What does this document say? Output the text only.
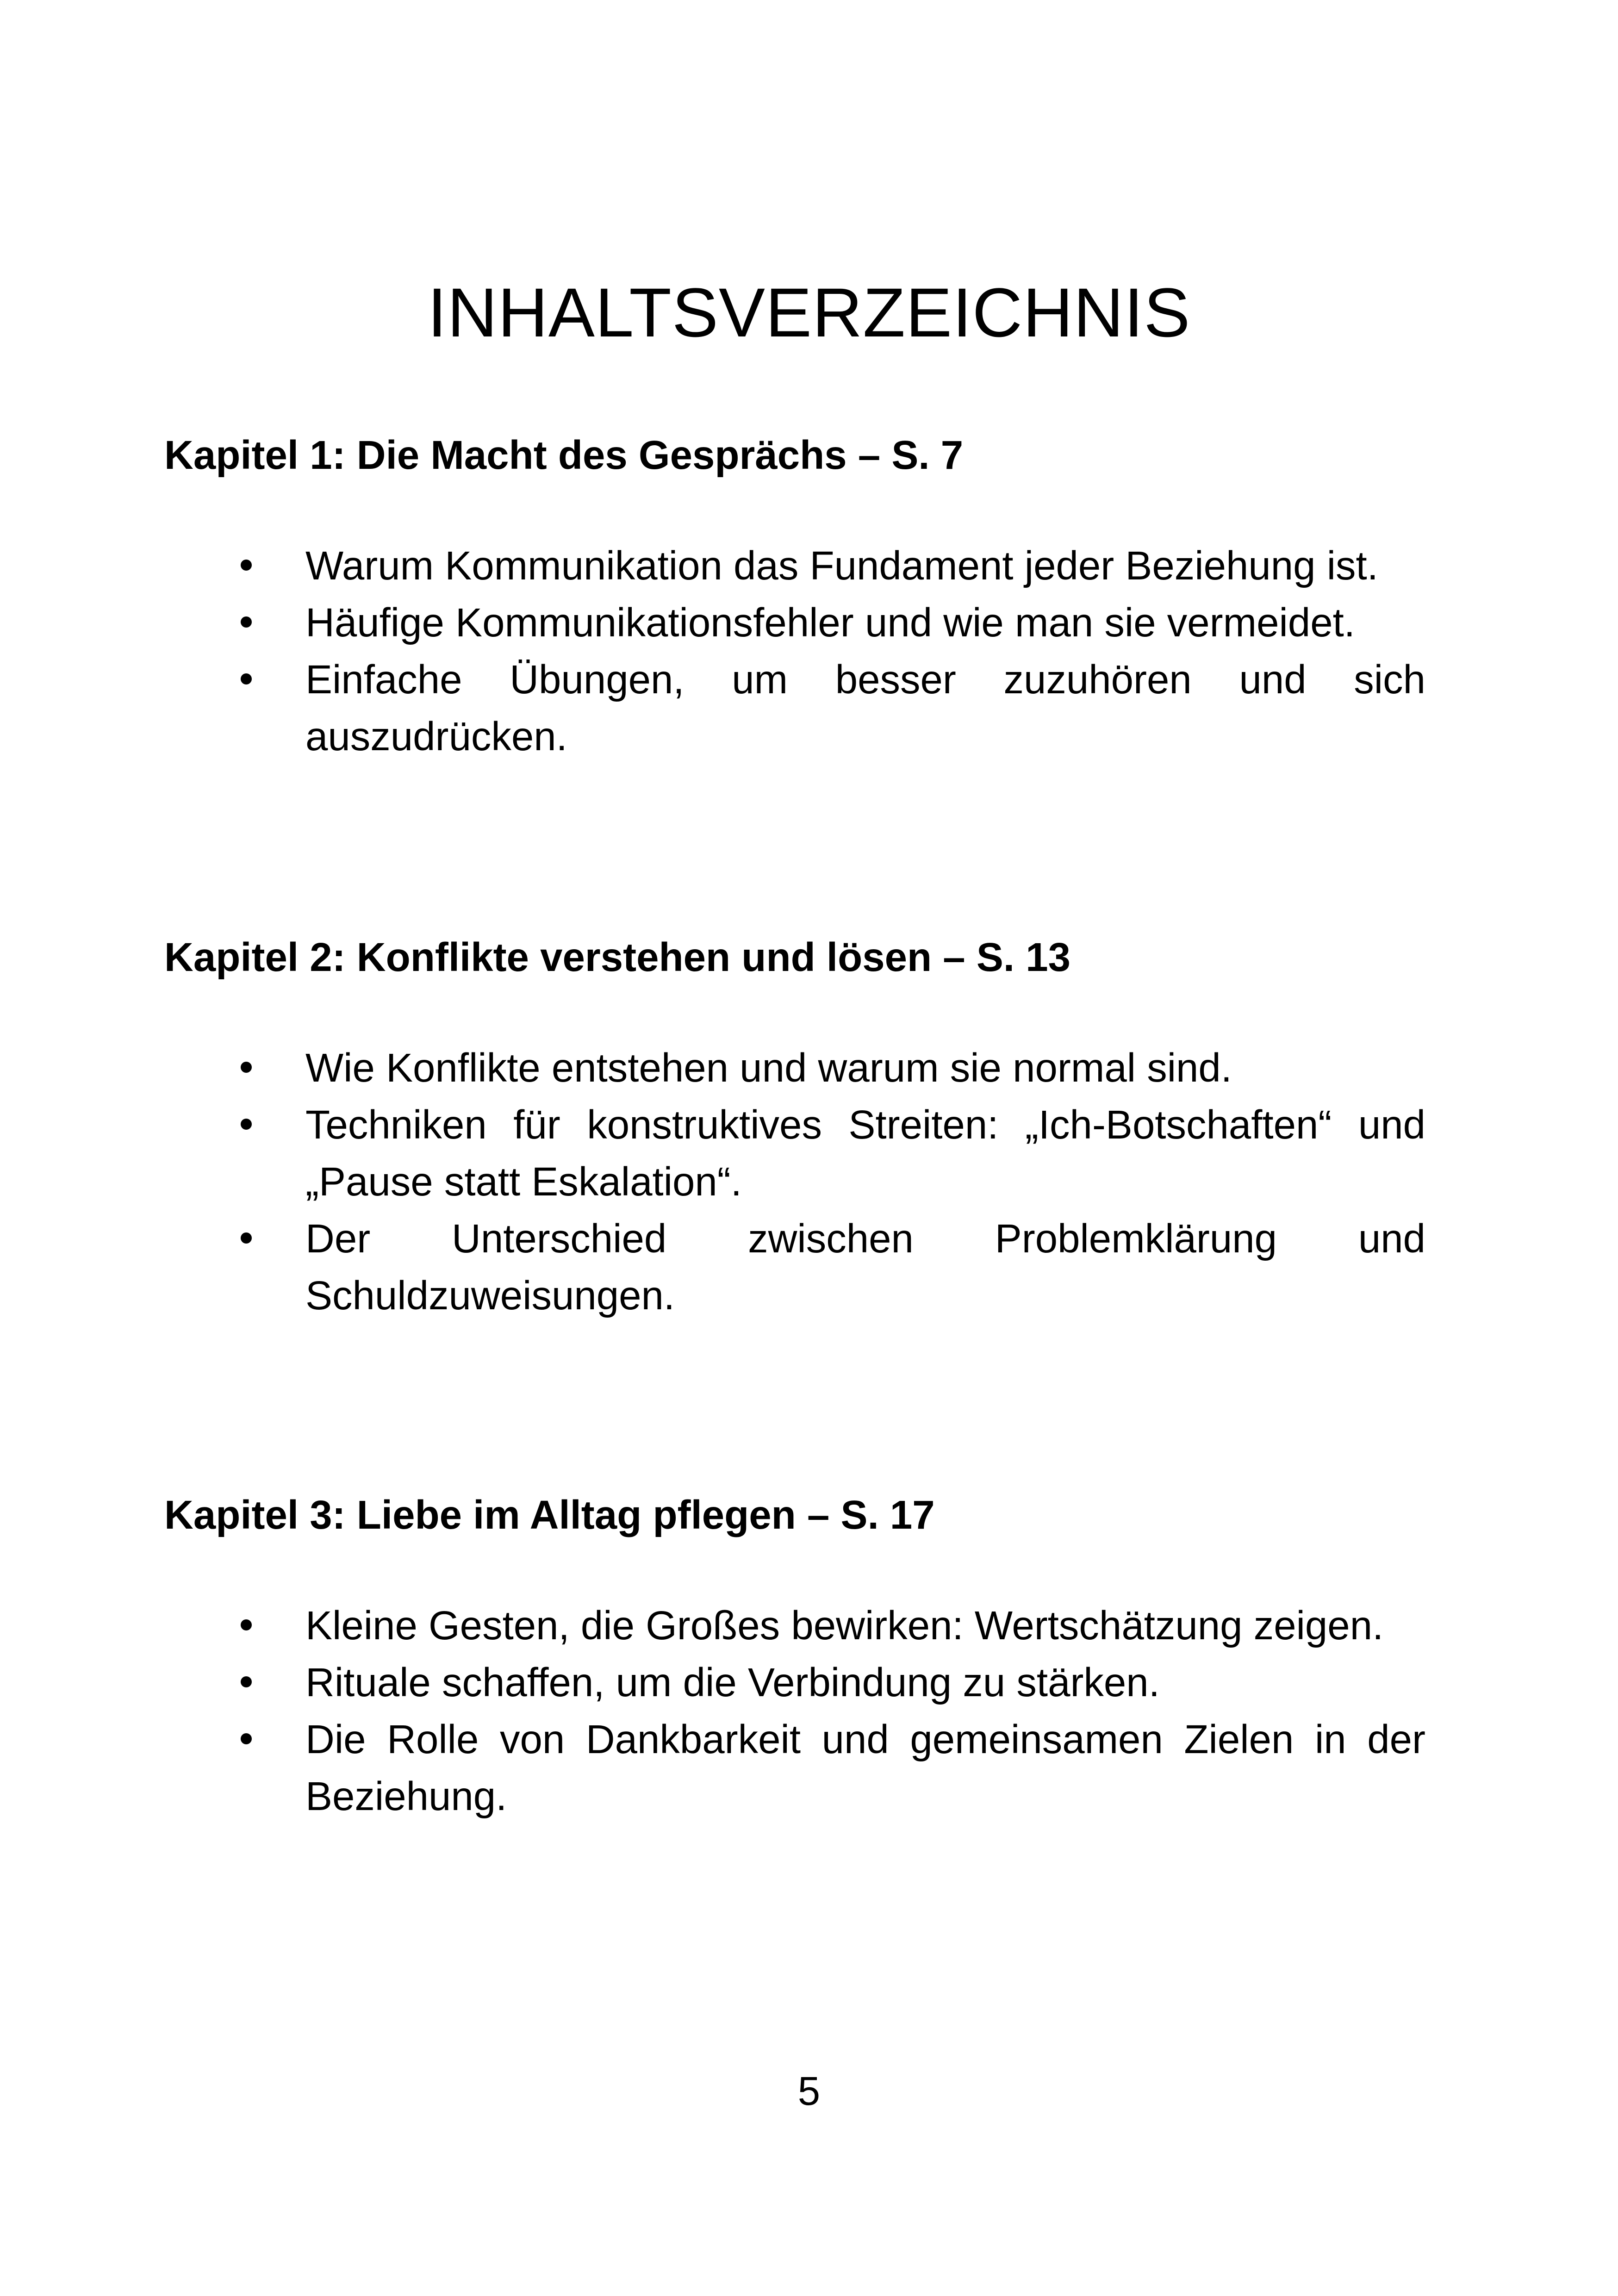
INHALTSVERZEICHNIS
Kapitel 1: Die Macht des Gesprächs – S. 7
Warum Kommunikation das Fundament jeder Beziehung ist.
Häufige Kommunikationsfehler und wie man sie vermeidet.
Einfache Übungen, um besser zuzuhören und sich auszudrücken.
Kapitel 2: Konflikte verstehen und lösen – S. 13
Wie Konflikte entstehen und warum sie normal sind.
Techniken für konstruktives Streiten: „Ich-Botschaften“ und „Pause statt Eskalation“.
Der Unterschied zwischen Problemklärung und Schuldzuweisungen.
Kapitel 3: Liebe im Alltag pflegen – S. 17
Kleine Gesten, die Großes bewirken: Wertschätzung zeigen.
Rituale schaffen, um die Verbindung zu stärken.
Die Rolle von Dankbarkeit und gemeinsamen Zielen in der Beziehung.

5
